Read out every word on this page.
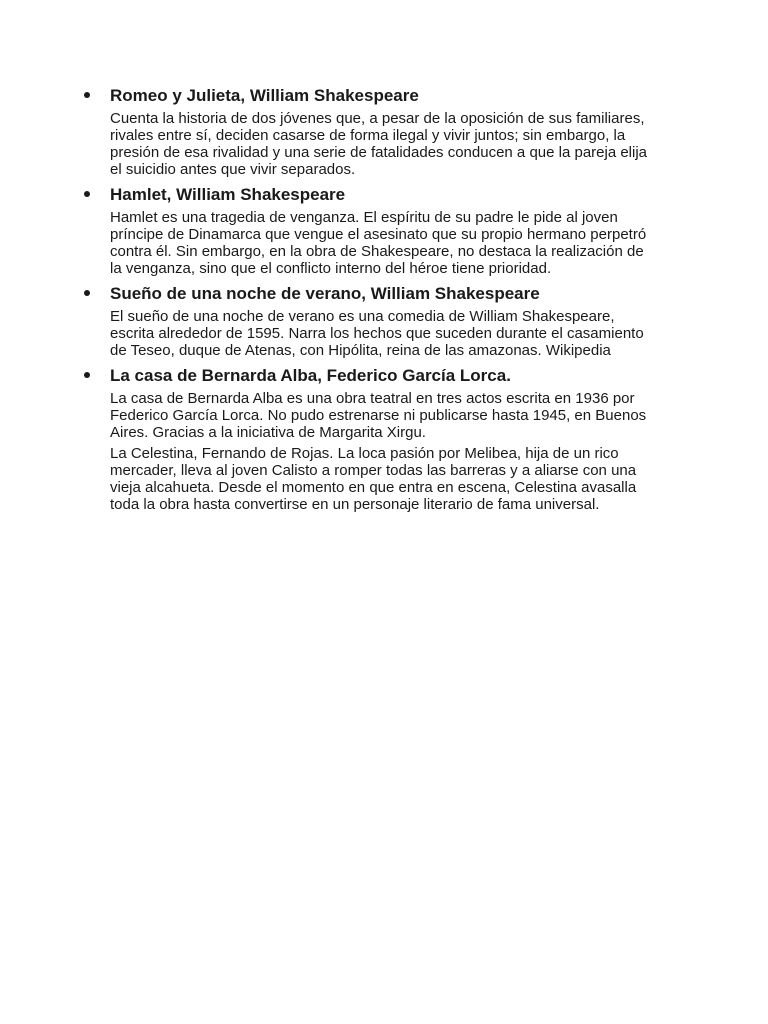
Romeo y Julieta, William Shakespeare

Cuenta la historia de dos jóvenes que, a pesar de la oposición de sus familiares, rivales entre sí, deciden casarse de forma ilegal y vivir juntos; sin embargo, la presión de esa rivalidad y una serie de fatalidades conducen a que la pareja elija el suicidio antes que vivir separados.

Hamlet, William Shakespeare

Hamlet es una tragedia de venganza. El espíritu de su padre le pide al joven príncipe de Dinamarca que vengue el asesinato que su propio hermano perpetró contra él. Sin embargo, en la obra de Shakespeare, no destaca la realización de la venganza, sino que el conflicto interno del héroe tiene prioridad.

Sueño de una noche de verano, William Shakespeare

El sueño de una noche de verano es una comedia de William Shakespeare, escrita alrededor de 1595. Narra los hechos que suceden durante el casamiento de Teseo, duque de Atenas, con Hipólita, reina de las amazonas. Wikipedia

La casa de Bernarda Alba, Federico García Lorca.

La casa de Bernarda Alba es una obra teatral en tres actos escrita en 1936 por Federico García Lorca. No pudo estrenarse ni publicarse hasta 1945, en Buenos Aires. Gracias a la iniciativa de Margarita Xirgu.

La Celestina, Fernando de Rojas. La loca pasión por Melibea, hija de un rico mercader, lleva al joven Calisto a romper todas las barreras y a aliarse con una vieja alcahueta. Desde el momento en que entra en escena, Celestina avasalla toda la obra hasta convertirse en un personaje literario de fama universal.
